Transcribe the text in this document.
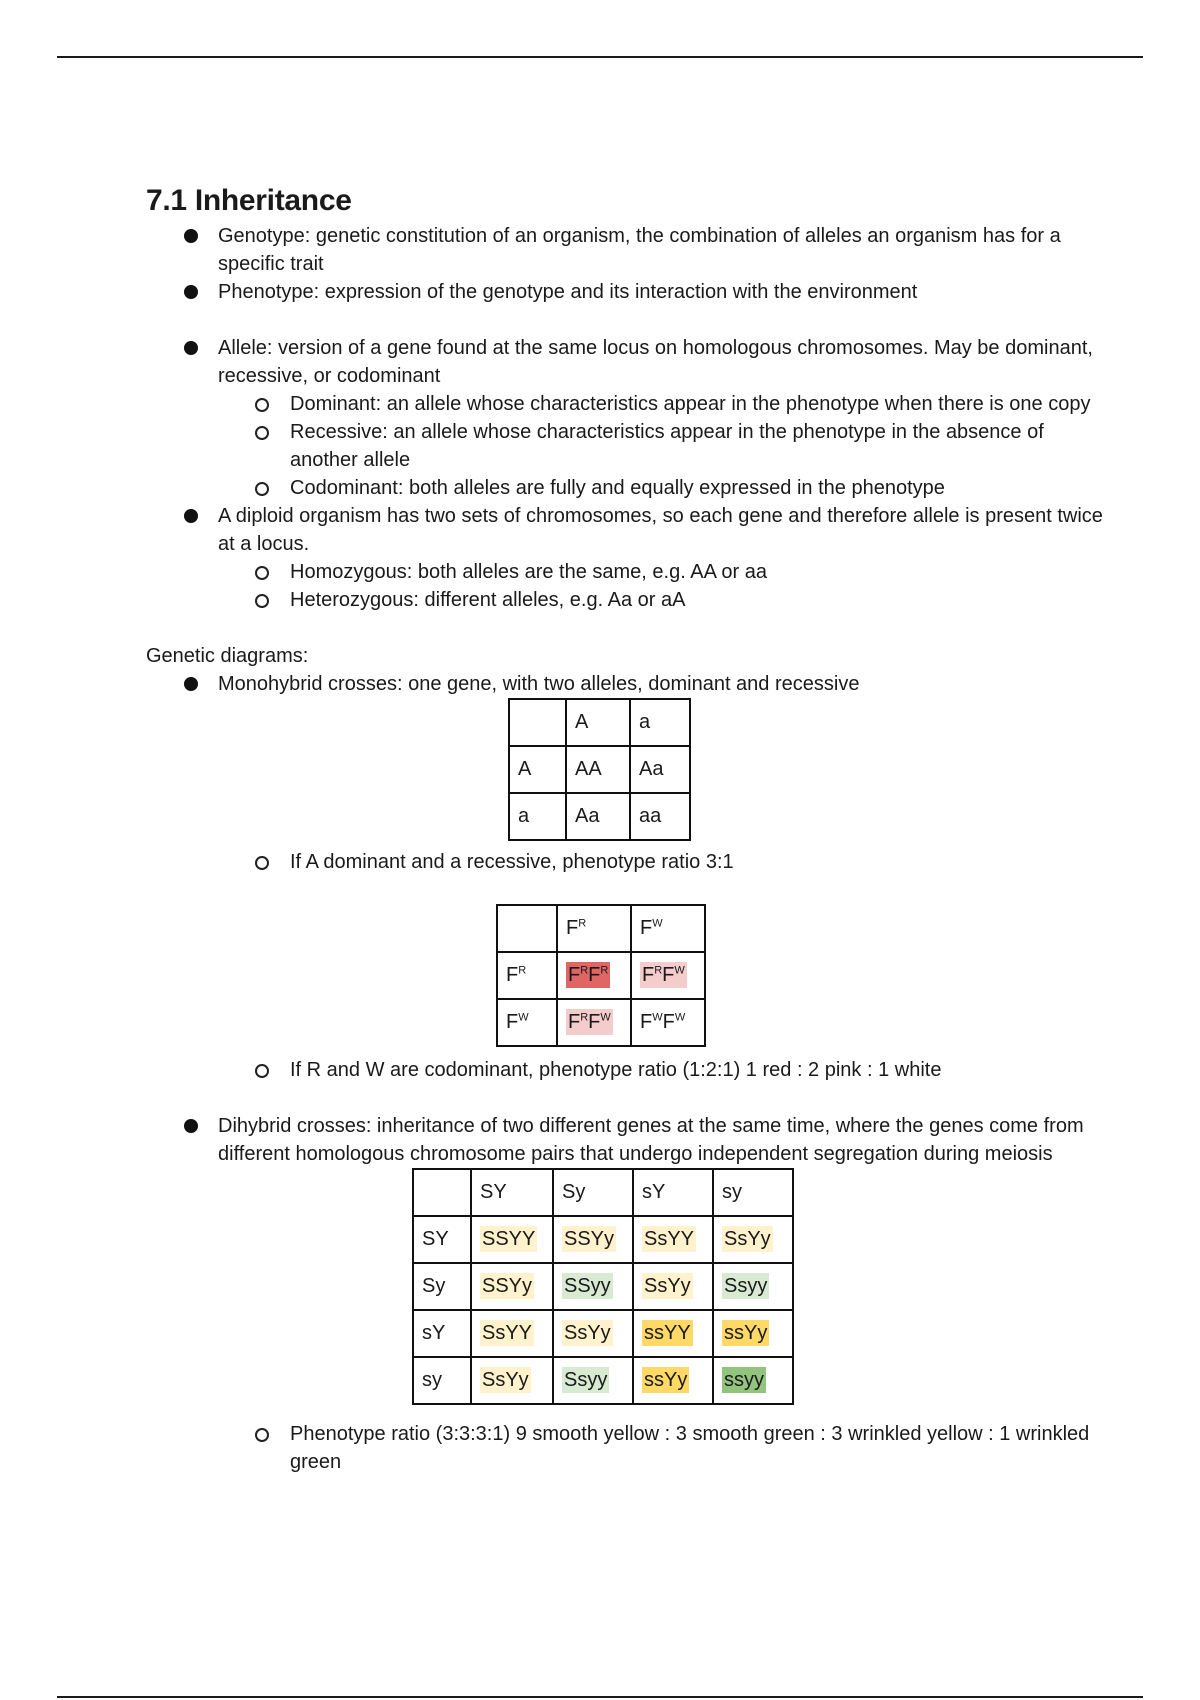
7.1 Inheritance
Genotype: genetic constitution of an organism, the combination of alleles an organism has for a specific trait
Phenotype: expression of the genotype and its interaction with the environment
Allele: version of a gene found at the same locus on homologous chromosomes. May be dominant, recessive, or codominant
Dominant: an allele whose characteristics appear in the phenotype when there is one copy
Recessive: an allele whose characteristics appear in the phenotype in the absence of another allele
Codominant: both alleles are fully and equally expressed in the phenotype
A diploid organism has two sets of chromosomes, so each gene and therefore allele is present twice at a locus.
Homozygous: both alleles are the same, e.g. AA or aa
Heterozygous: different alleles, e.g. Aa or aA

Genetic diagrams:

Monohybrid crosses: one gene, with two alleles, dominant and recessive
	A	a
A	AA	Aa
a	Aa	aa
If A dominant and a recessive, phenotype ratio 3:1
	$F^R$	$F^W$
$F^R$	$F^RF^R$	$F^RF^W$
$F^W$	$F^RF^W$	$F^WF^W$
If R and W are codominant, phenotype ratio (1:2:1) 1 red : 2 pink : 1 white
Dihybrid crosses: inheritance of two different genes at the same time, where the genes come from different homologous chromosome pairs that undergo independent segregation during meiosis
	SY	Sy	sY	sy
SY	SSYY	SSYy	SsYY	SsYy
Sy	SSYy	SSyy	SsYy	Ssyy
sY	SsYY	SsYy	ssYY	ssYy
sy	SsYy	Ssyy	ssYy	ssyy
Phenotype ratio (3:3:3:1) 9 smooth yellow : 3 smooth green : 3 wrinkled yellow : 1 wrinkled green
